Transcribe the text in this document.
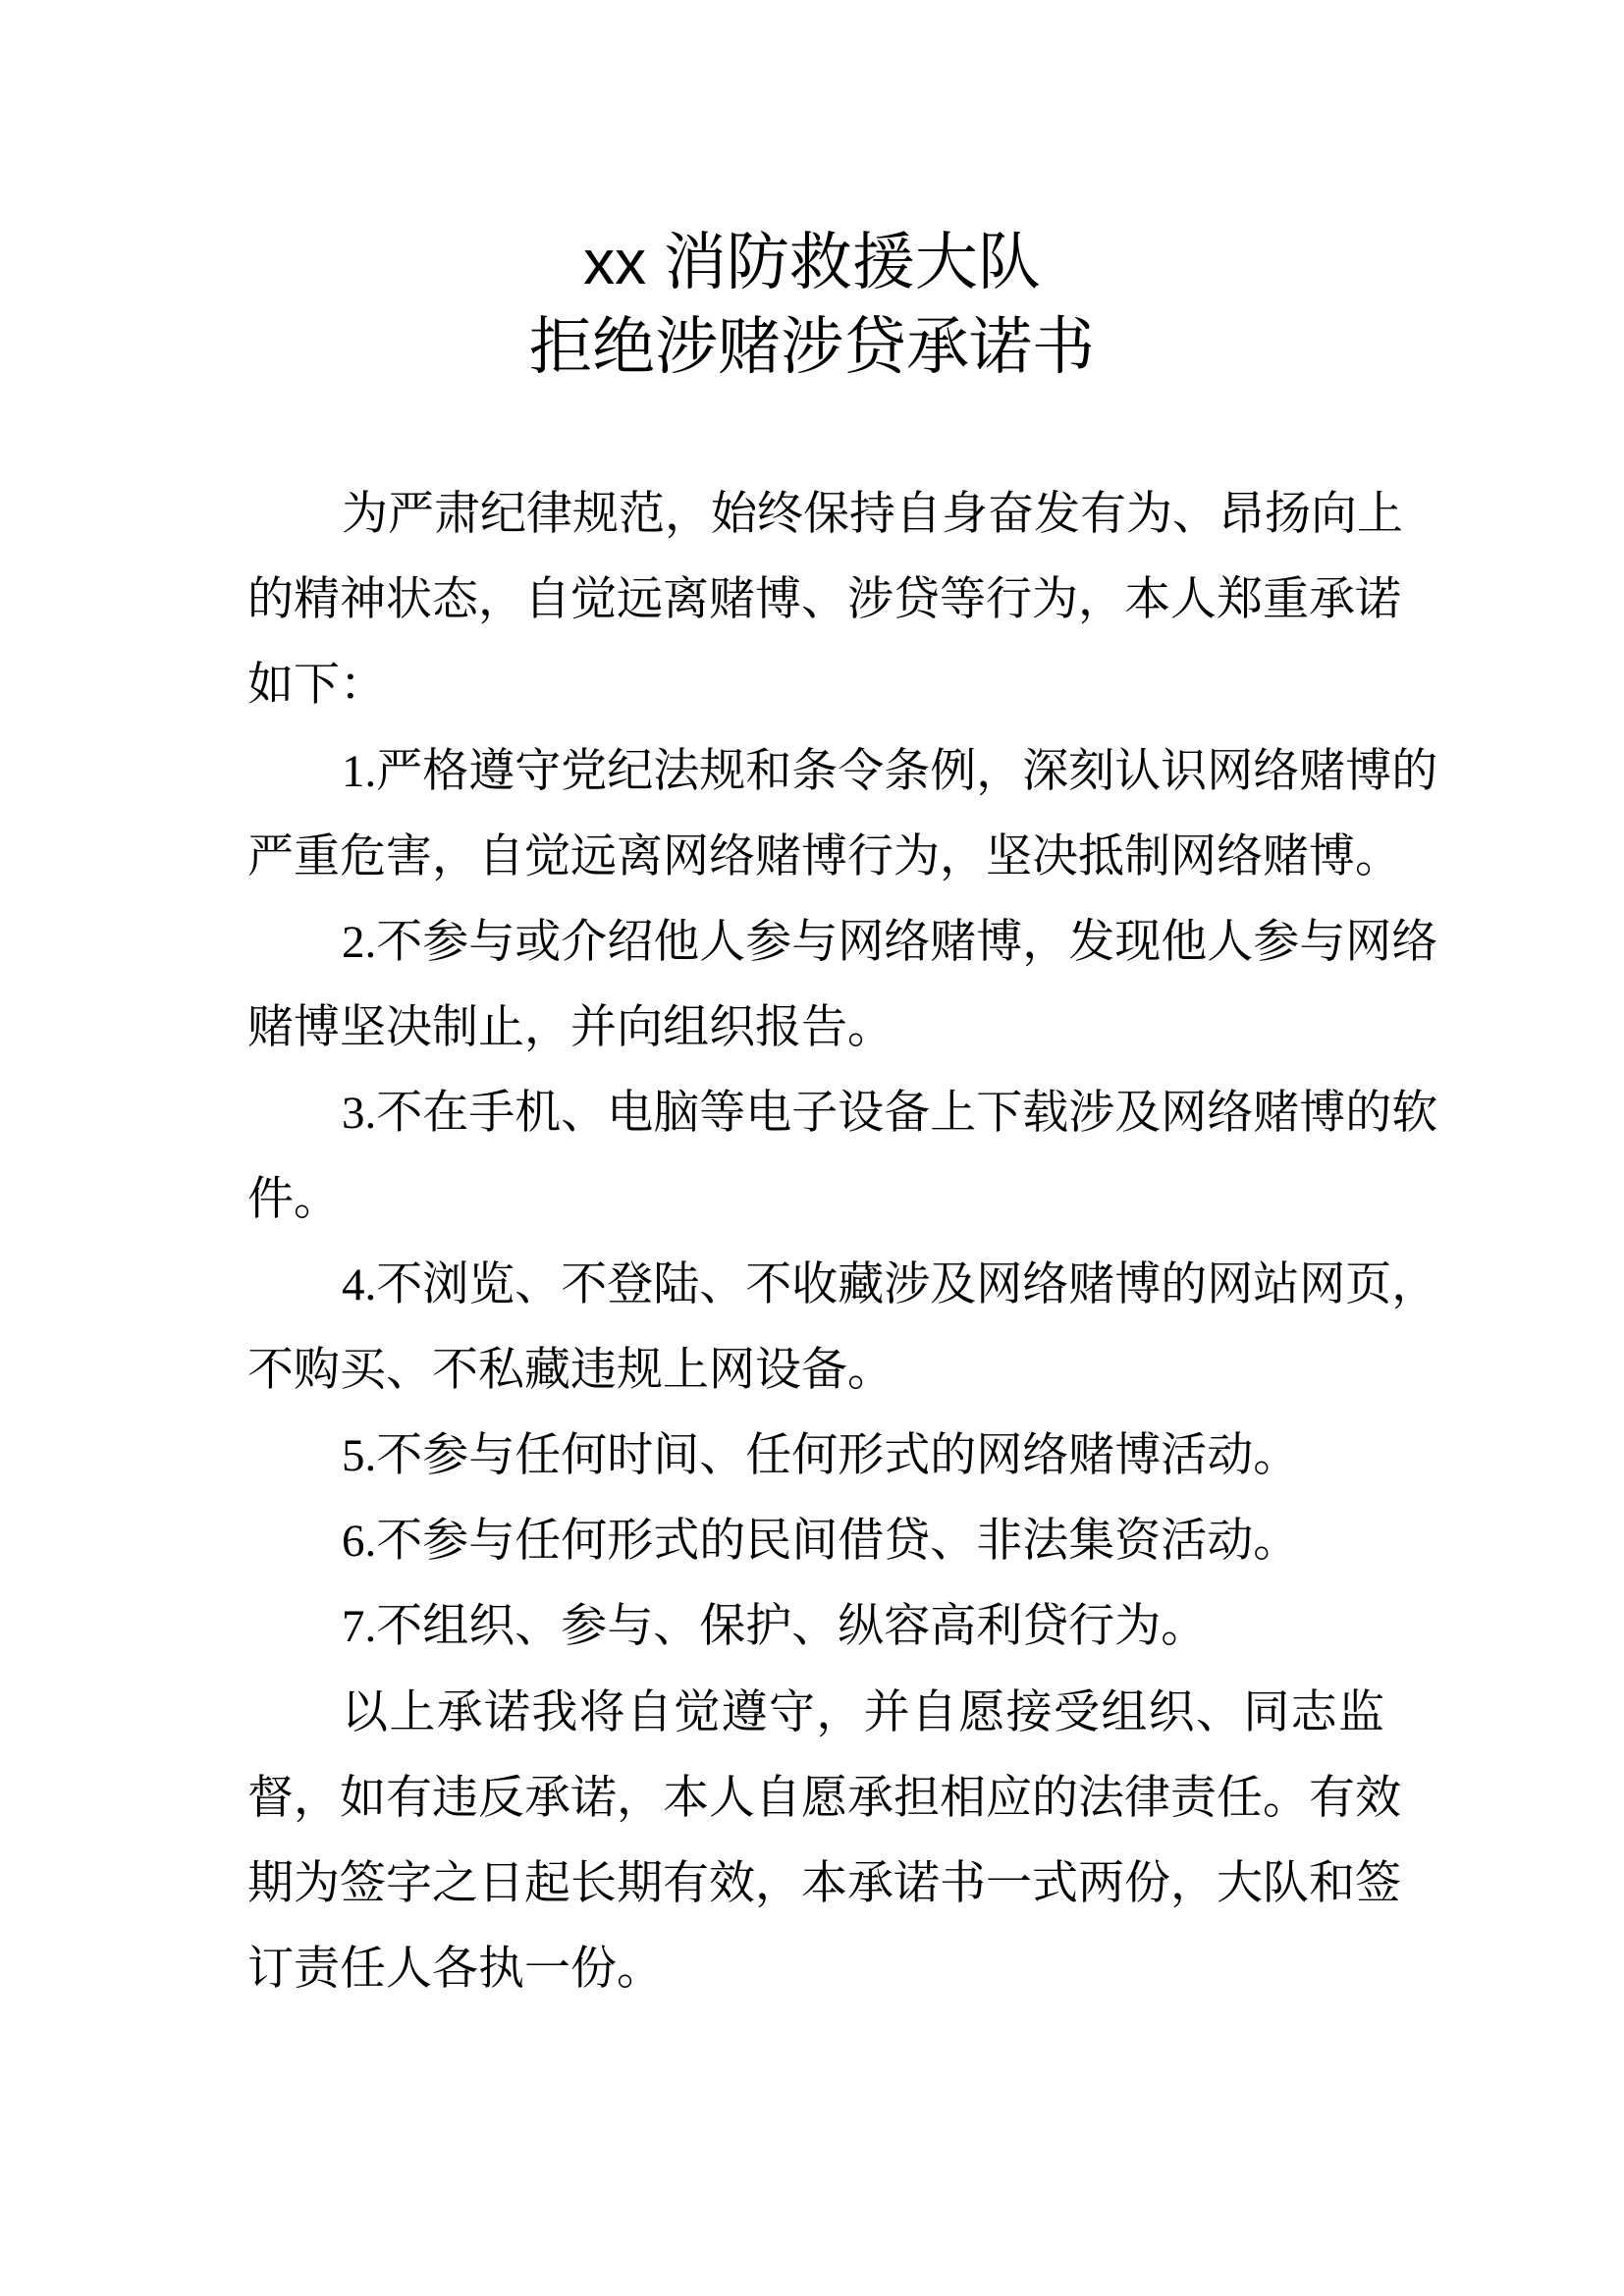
xx 消防救援大队
拒绝涉赌涉贷承诺书
为严肃纪律规范，始终保持自身奋发有为、昂扬向上
的精神状态，自觉远离赌博、涉贷等行为，本人郑重承诺
如下：
1.严格遵守党纪法规和条令条例，深刻认识网络赌博的
严重危害，自觉远离网络赌博行为，坚决抵制网络赌博。
2.不参与或介绍他人参与网络赌博，发现他人参与网络
赌博坚决制止，并向组织报告。
3.不在手机、电脑等电子设备上下载涉及网络赌博的软
件。
4.不浏览、不登陆、不收藏涉及网络赌博的网站网页，
不购买、不私藏违规上网设备。
5.不参与任何时间、任何形式的网络赌博活动。
6.不参与任何形式的民间借贷、非法集资活动。
7.不组织、参与、保护、纵容高利贷行为。
以上承诺我将自觉遵守，并自愿接受组织、同志监
督，如有违反承诺，本人自愿承担相应的法律责任。有效
期为签字之日起长期有效，本承诺书一式两份，大队和签
订责任人各执一份。
